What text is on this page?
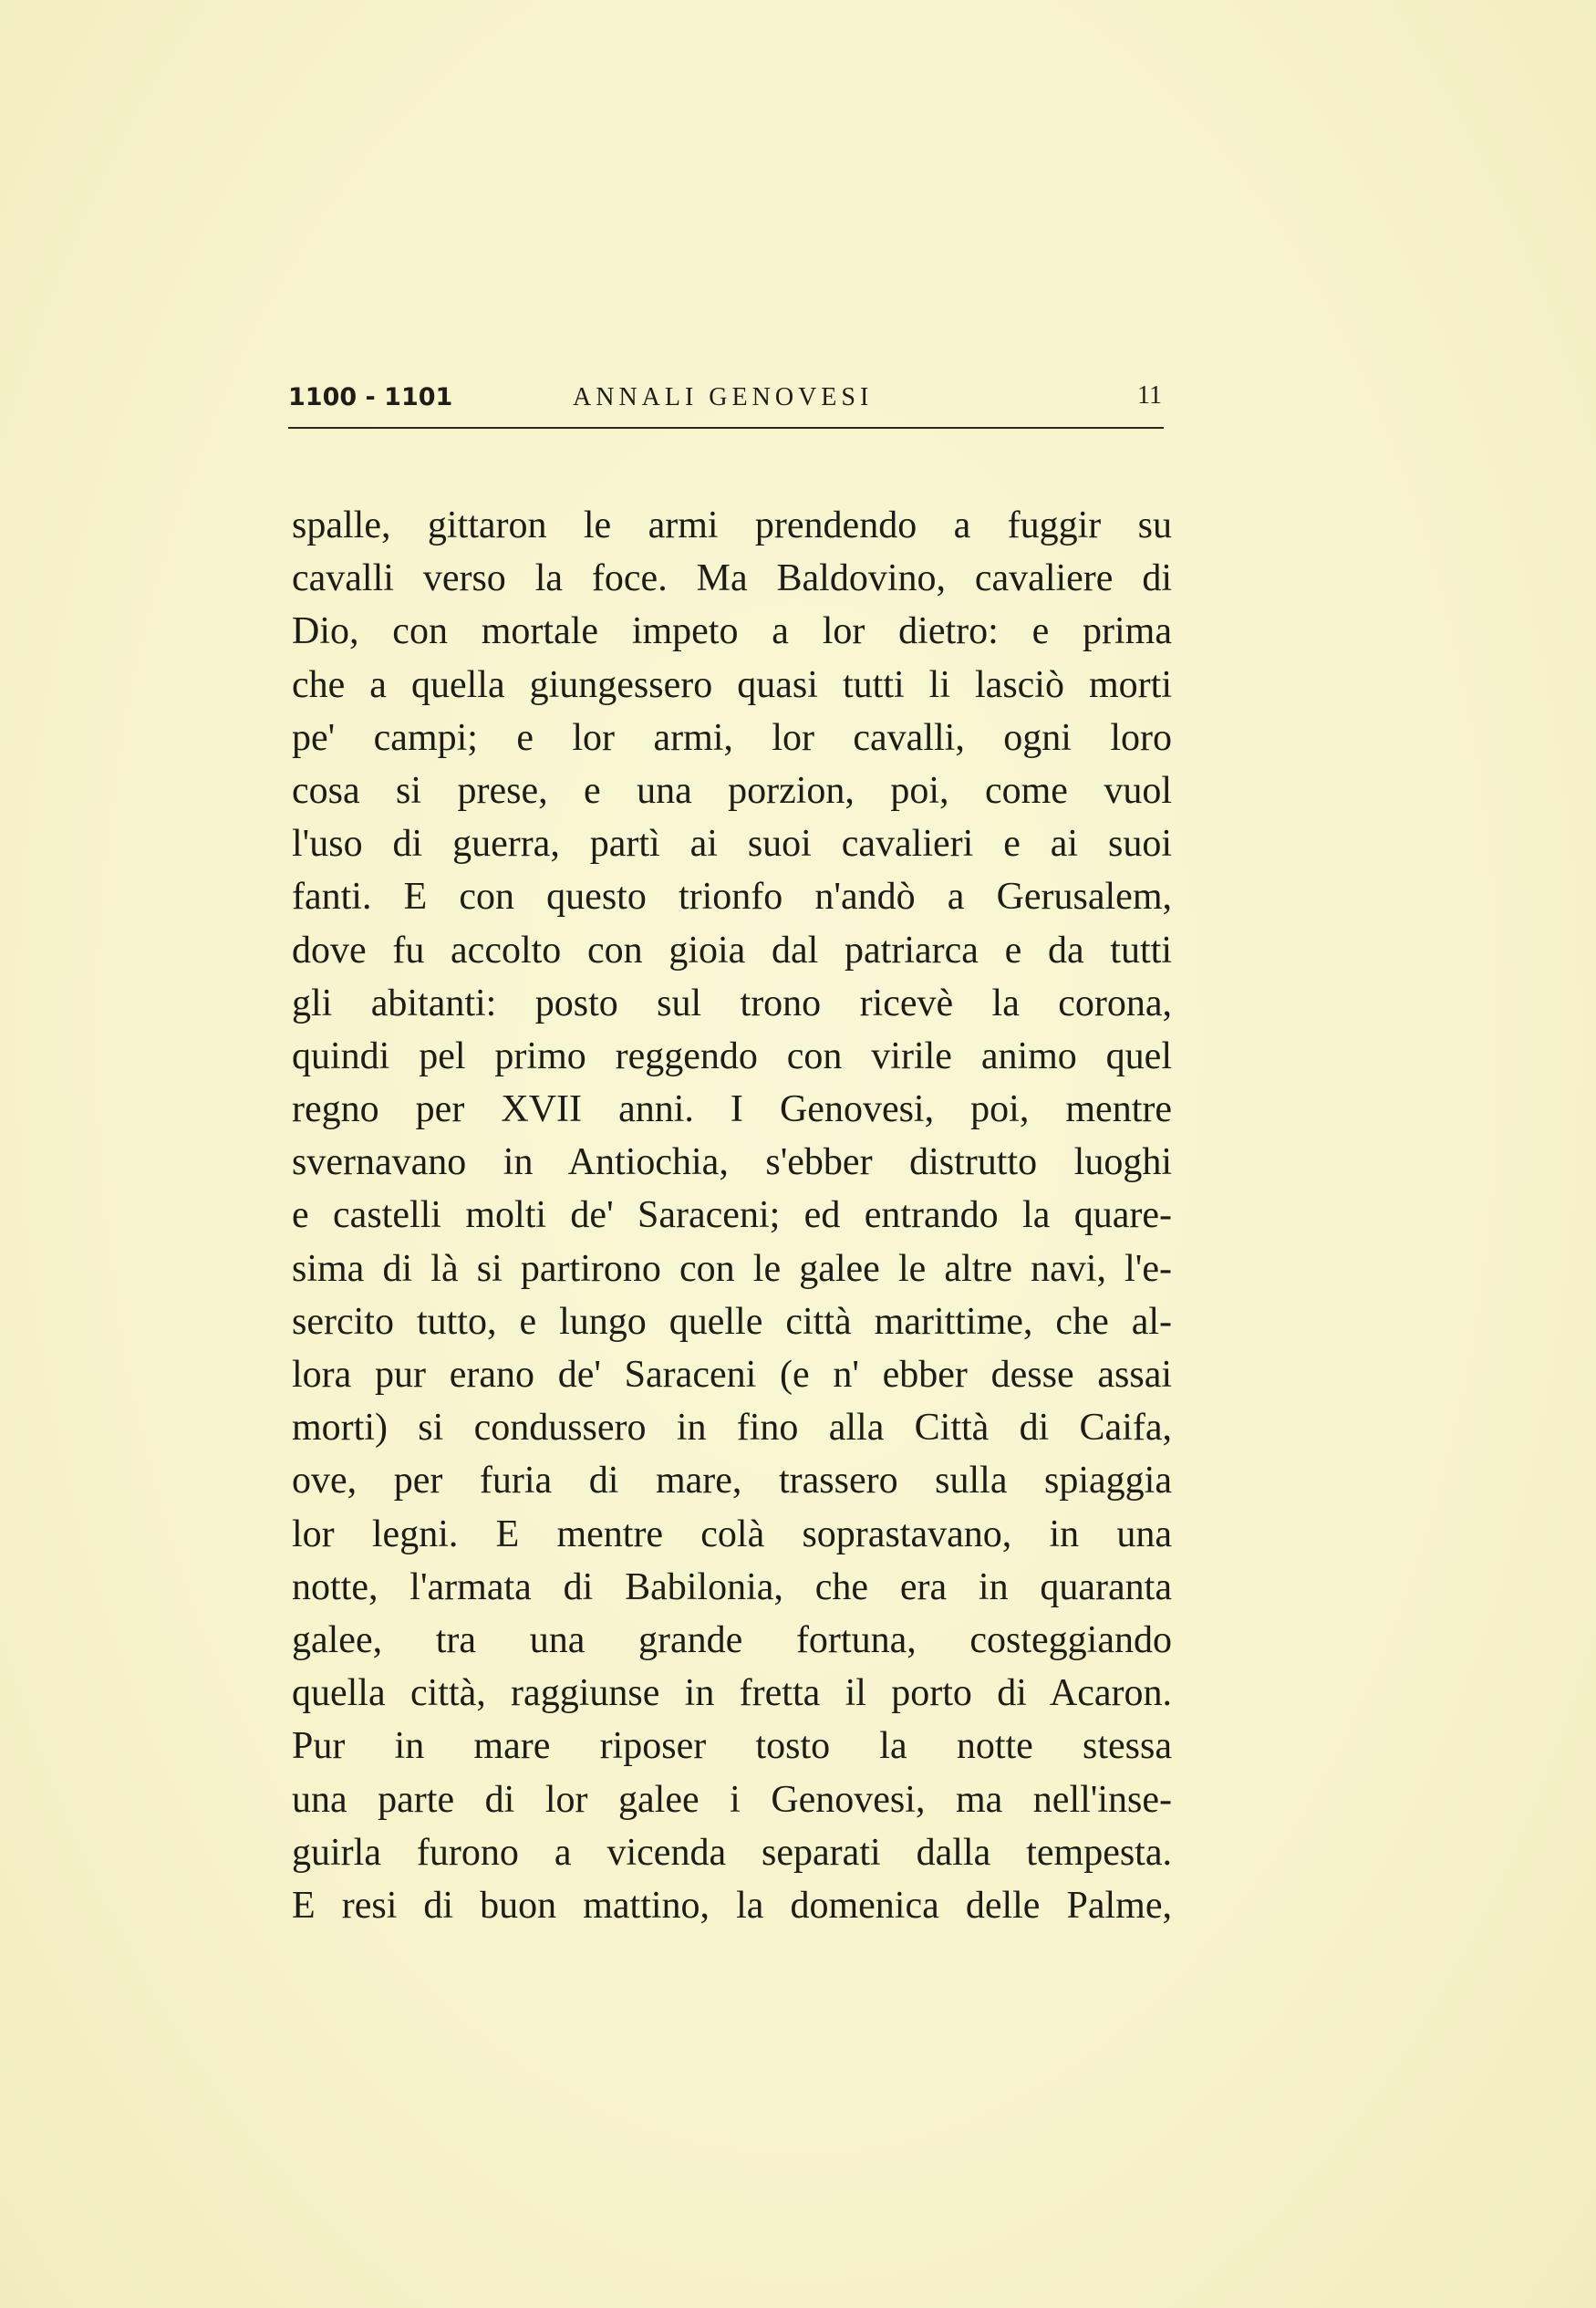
1100 - 1101	ANNALI GENOVESI	11
spalle, gittaron le armi prendendo a fuggir su
cavalli verso la foce. Ma Baldovino, cavaliere di
Dio, con mortale impeto a lor dietro: e prima
che a quella giungessero quasi tutti li lasciò morti
pe' campi; e lor armi, lor cavalli, ogni loro
cosa si prese, e una porzion, poi, come vuol
l'uso di guerra, partì ai suoi cavalieri e ai suoi
fanti. E con questo trionfo n'andò a Gerusalem,
dove fu accolto con gioia dal patriarca e da tutti
gli abitanti: posto sul trono ricevè la corona,
quindi pel primo reggendo con virile animo quel
regno per XVII anni. I Genovesi, poi, mentre
svernavano in Antiochia, s'ebber distrutto luoghi
e castelli molti de' Saraceni; ed entrando la quare-
sima di là si partirono con le galee le altre navi, l'e-
sercito tutto, e lungo quelle città marittime, che al-
lora pur erano de' Saraceni (e n' ebber desse assai
morti) si condussero in fino alla Città di Caifa,
ove, per furia di mare, trassero sulla spiaggia
lor legni. E mentre colà soprastavano, in una
notte, l'armata di Babilonia, che era in quaranta
galee, tra una grande fortuna, costeggiando
quella città, raggiunse in fretta il porto di Acaron.
Pur in mare riposer tosto la notte stessa
una parte di lor galee i Genovesi, ma nell'inse-
guirla furono a vicenda separati dalla tempesta.
E resi di buon mattino, la domenica delle Palme,
